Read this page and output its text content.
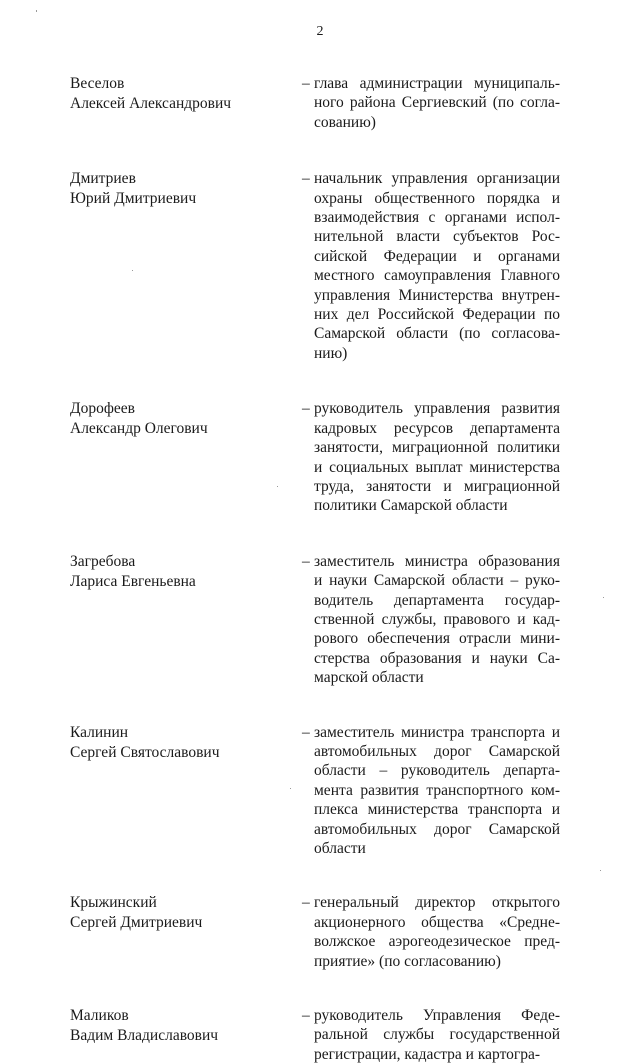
2
Веселов
Алексей Александрович
– глава администрации муниципаль-
ного района Сергиевский (по согла-
сованию)
Дмитриев
Юрий Дмитриевич
– начальник управления организации
охраны общественного порядка и
взаимодействия с органами испол-
нительной власти субъектов Рос-
сийской Федерации и органами
местного самоуправления Главного
управления Министерства внутрен-
них дел Российской Федерации по
Самарской области (по согласова-
нию)
Дорофеев
Александр Олегович
– руководитель управления развития
кадровых ресурсов департамента
занятости, миграционной политики
и социальных выплат министерства
труда, занятости и миграционной
политики Самарской области
Загребова
Лариса Евгеньевна
– заместитель министра образования
и науки Самарской области – руко-
водитель департамента государ-
ственной службы, правового и кад-
рового обеспечения отрасли мини-
стерства образования и науки Са-
марской области
Калинин
Сергей Святославович
– заместитель министра транспорта и
автомобильных дорог Самарской
области – руководитель департа-
мента развития транспортного ком-
плекса министерства транспорта и
автомобильных дорог Самарской
области
Крыжинский
Сергей Дмитриевич
– генеральный директор открытого
акционерного общества «Средне-
волжское аэрогеодезическое пред-
приятие» (по согласованию)
Маликов
Вадим Владиславович
– руководитель Управления Феде-
ральной службы государственной
регистрации, кадастра и картогра-
